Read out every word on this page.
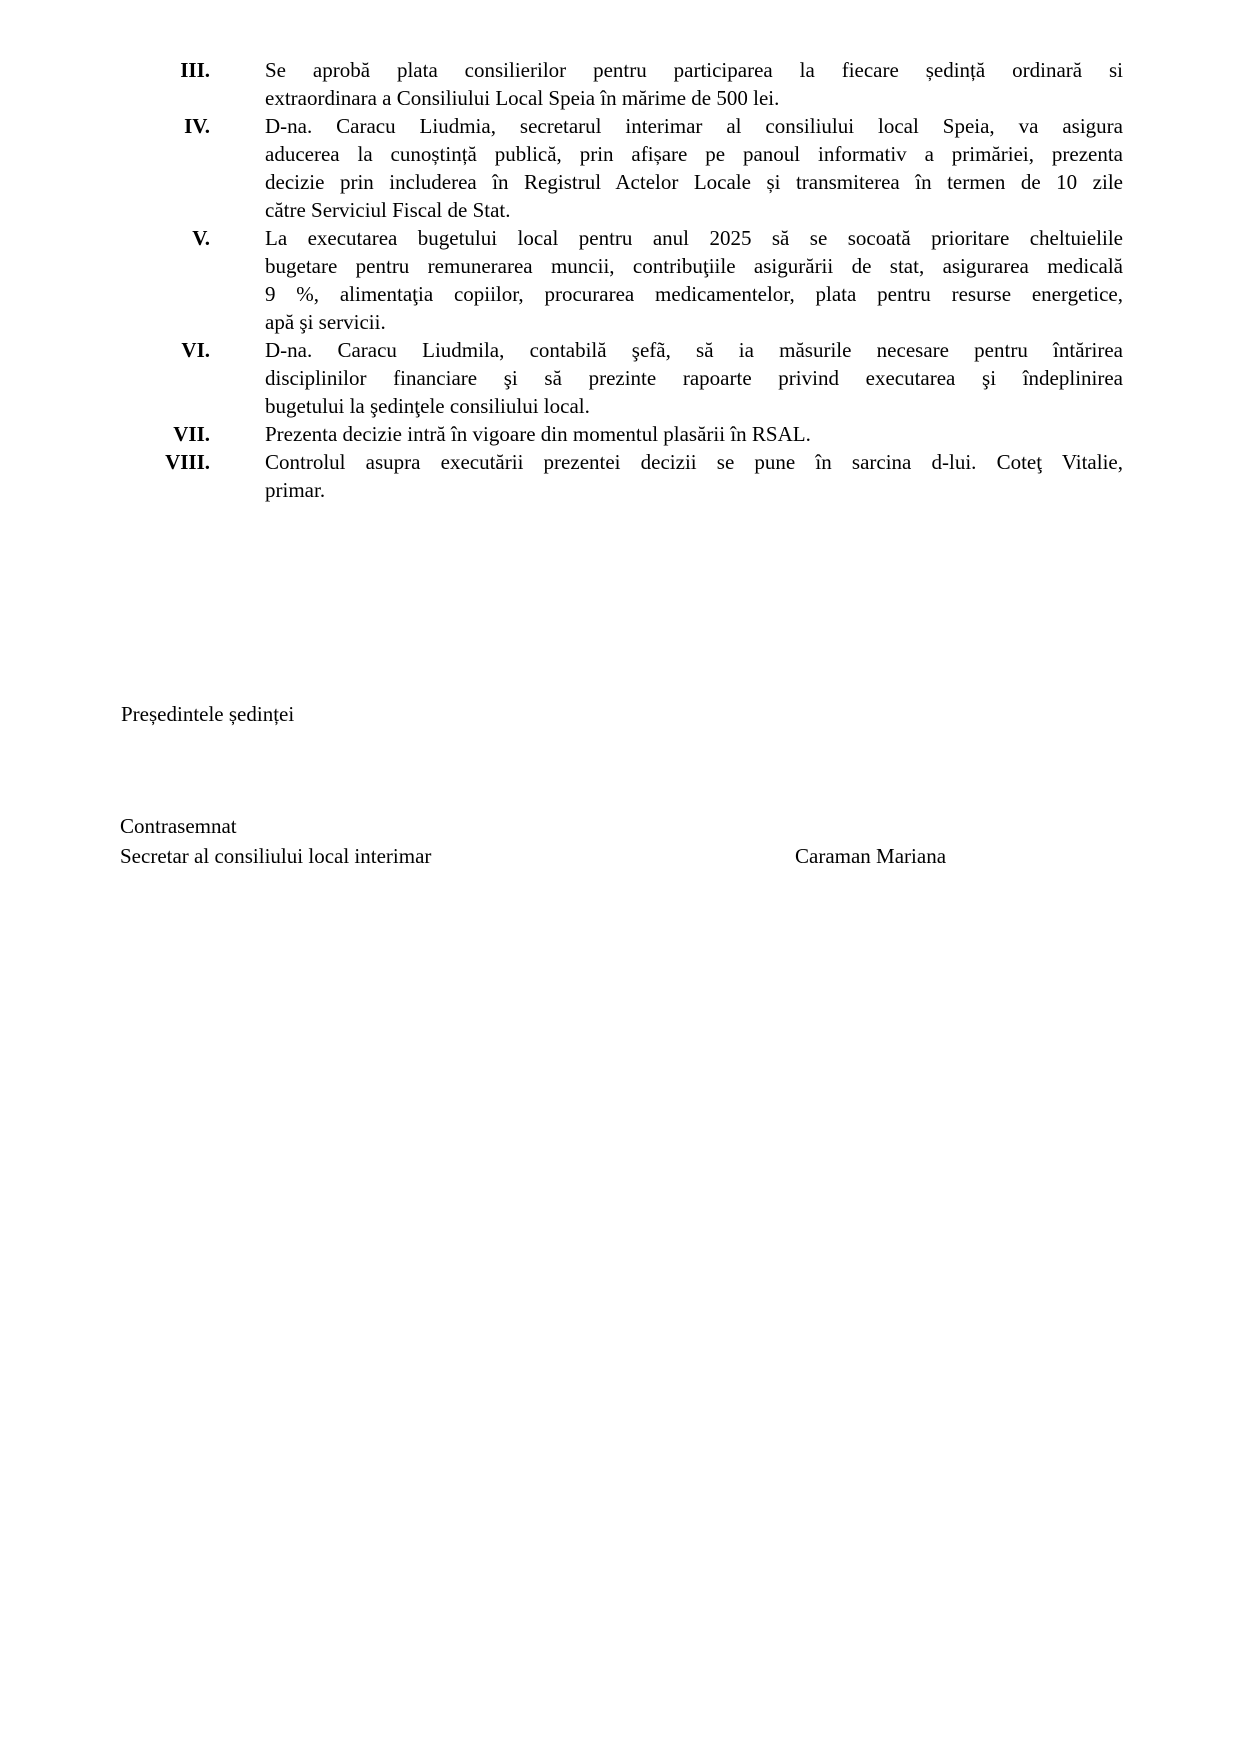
III.	Se aprobă plata consilierilor pentru participarea la fiecare ședință ordinară si
extraordinara a Consiliului Local Speia în mărime de 500 lei.
IV.	D-na. Caracu Liudmia, secretarul interimar al consiliului local Speia, va asigura
aducerea la cunoștință publică, prin afișare pe panoul informativ a primăriei, prezenta
decizie prin includerea în Registrul Actelor Locale și transmiterea în termen de 10 zile
către Serviciul Fiscal de Stat.
V.	La executarea bugetului local pentru anul 2025 să se socoată prioritare cheltuielile
bugetare pentru remunerarea muncii, contribuţiile asigurării de stat, asigurarea medicală
9 %, alimentaţia copiilor, procurarea medicamentelor, plata pentru resurse energetice,
apă şi servicii.
VI.	D-na. Caracu Liudmila, contabilă şefã, să ia măsurile necesare pentru întărirea
disciplinilor financiare şi să prezinte rapoarte privind executarea şi îndeplinirea
bugetului la şedinţele consiliului local.
VII.	Prezenta decizie intră în vigoare din momentul plasării în RSAL.
VIII.	Controlul asupra executării prezentei decizii se pune în sarcina d-lui. Coteţ Vitalie,
primar.
Președintele ședinței
Contrasemnat
Secretar al consiliului local interimar	Caraman Mariana
